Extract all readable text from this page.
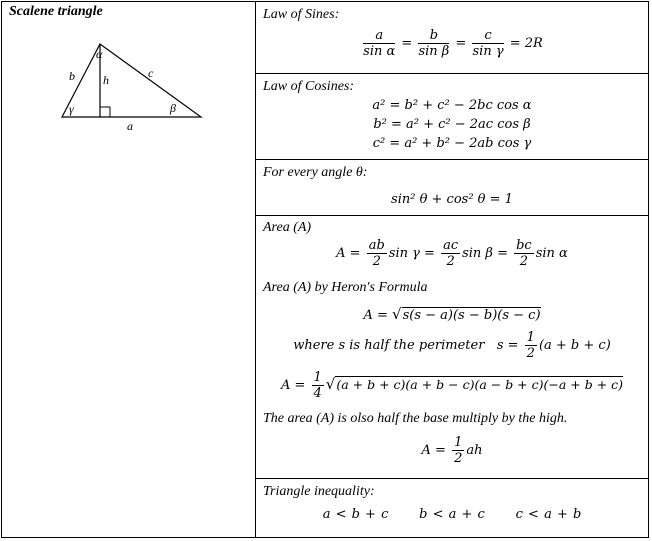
Scalene triangle
α
b h	c
γ	β
a
Law of Sines:
$\frac{a}{\text{sin α}} = \frac{b}{\text{sin β}} = \frac{c}{\text{sin γ}} = 2R$
Law of Cosines:
a² = b² + c² − 2bc cos α
b² = a² + c² − 2ac cos β
c² = a² + b² − 2ab cos γ
For every angle θ:
sin² θ + cos² θ = 1
Area (A)
$A = \frac{ab}{2}$ $\sin \gamma = \frac{ac}{2}$ $\sin \beta = \frac{bc}{2}$ sin α
Area (A) by Heron's Formula
A = √s(s − a)(s − b)(s − c)
where s is half the perimeter $s = \frac{1}{2} (a + b + c)$
$A = \frac{1}{4} √(a + b + c)(a + b - c)(a - b + c)(-a + b + c)$
The area (A) is olso half the base multiply by the high.
$A = \frac{1}{2}$ ah
Triangle inequality:
a < b + c b < a + c c < a + b
